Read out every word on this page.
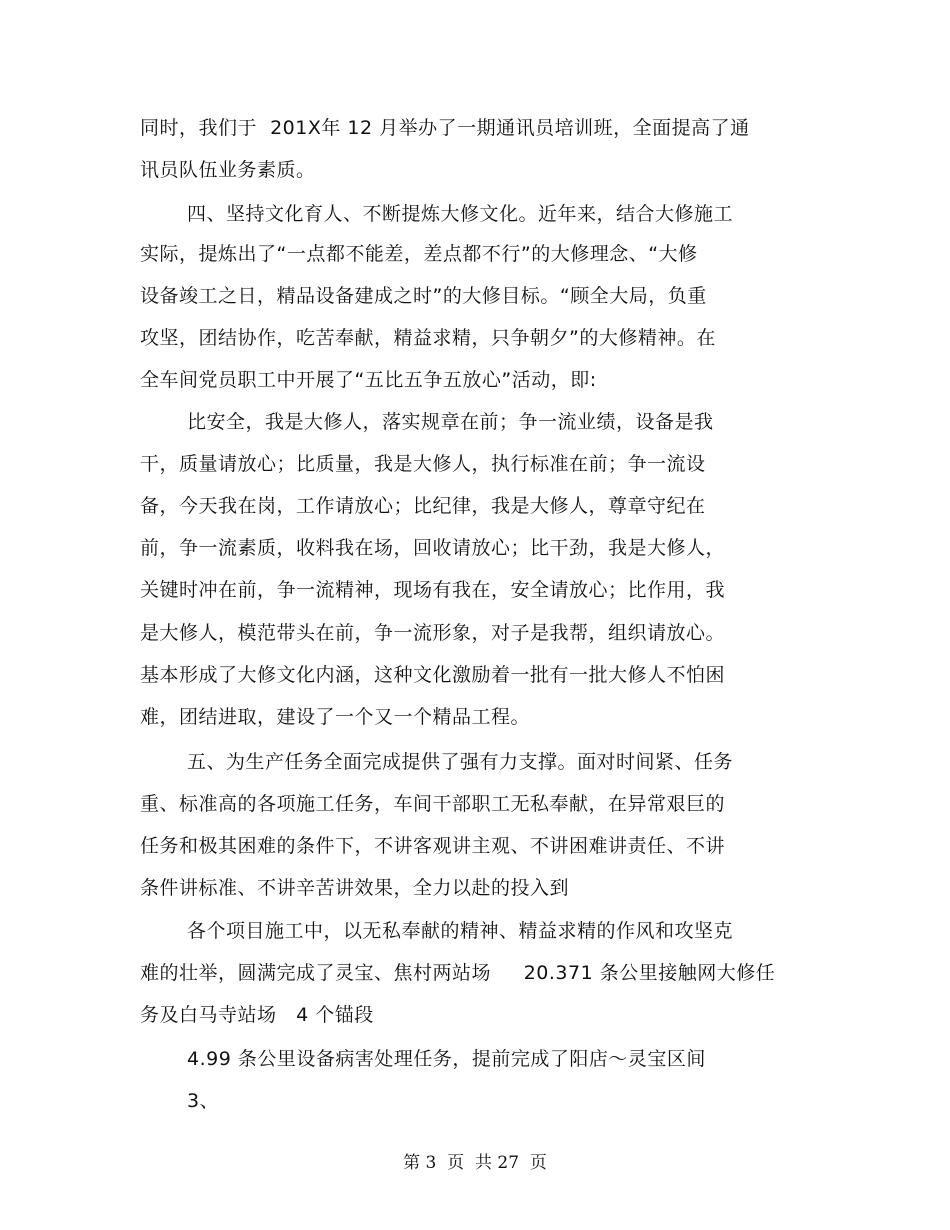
同时，我们于  201X年 12 月举办了一期通讯员培训班，全面提高了通
讯员队伍业务素质。
四、坚持文化育人、不断提炼大修文化。近年来，结合大修施工
实际，提炼出了“一点都不能差，差点都不行”的大修理念、“大修
设备竣工之日，精品设备建成之时”的大修目标。“顾全大局，负重
攻坚，团结协作，吃苦奉献，精益求精，只争朝夕”的大修精神。在
全车间党员职工中开展了“五比五争五放心”活动，即:
比安全，我是大修人，落实规章在前；争一流业绩，设备是我
干，质量请放心；比质量，我是大修人，执行标准在前；争一流设
备，今天我在岗，工作请放心；比纪律，我是大修人，尊章守纪在
前，争一流素质，收料我在场，回收请放心；比干劲，我是大修人，
关键时冲在前，争一流精神，现场有我在，安全请放心；比作用，我
是大修人，模范带头在前，争一流形象，对子是我帮，组织请放心。
基本形成了大修文化内涵，这种文化激励着一批有一批大修人不怕困
难，团结进取，建设了一个又一个精品工程。
五、为生产任务全面完成提供了强有力支撑。面对时间紧、任务
重、标准高的各项施工任务，车间干部职工无私奉献，在异常艰巨的
任务和极其困难的条件下，不讲客观讲主观、不讲困难讲责任、不讲
条件讲标准、不讲辛苦讲效果，全力以赴的投入到
各个项目施工中，以无私奉献的精神、精益求精的作风和攻坚克
难的壮举，圆满完成了灵宝、焦村两站场     20.371 条公里接触网大修任
务及白马寺站场   4 个锚段
4.99 条公里设备病害处理任务，提前完成了阳店～灵宝区间
3、
第 3  页  共 27  页
